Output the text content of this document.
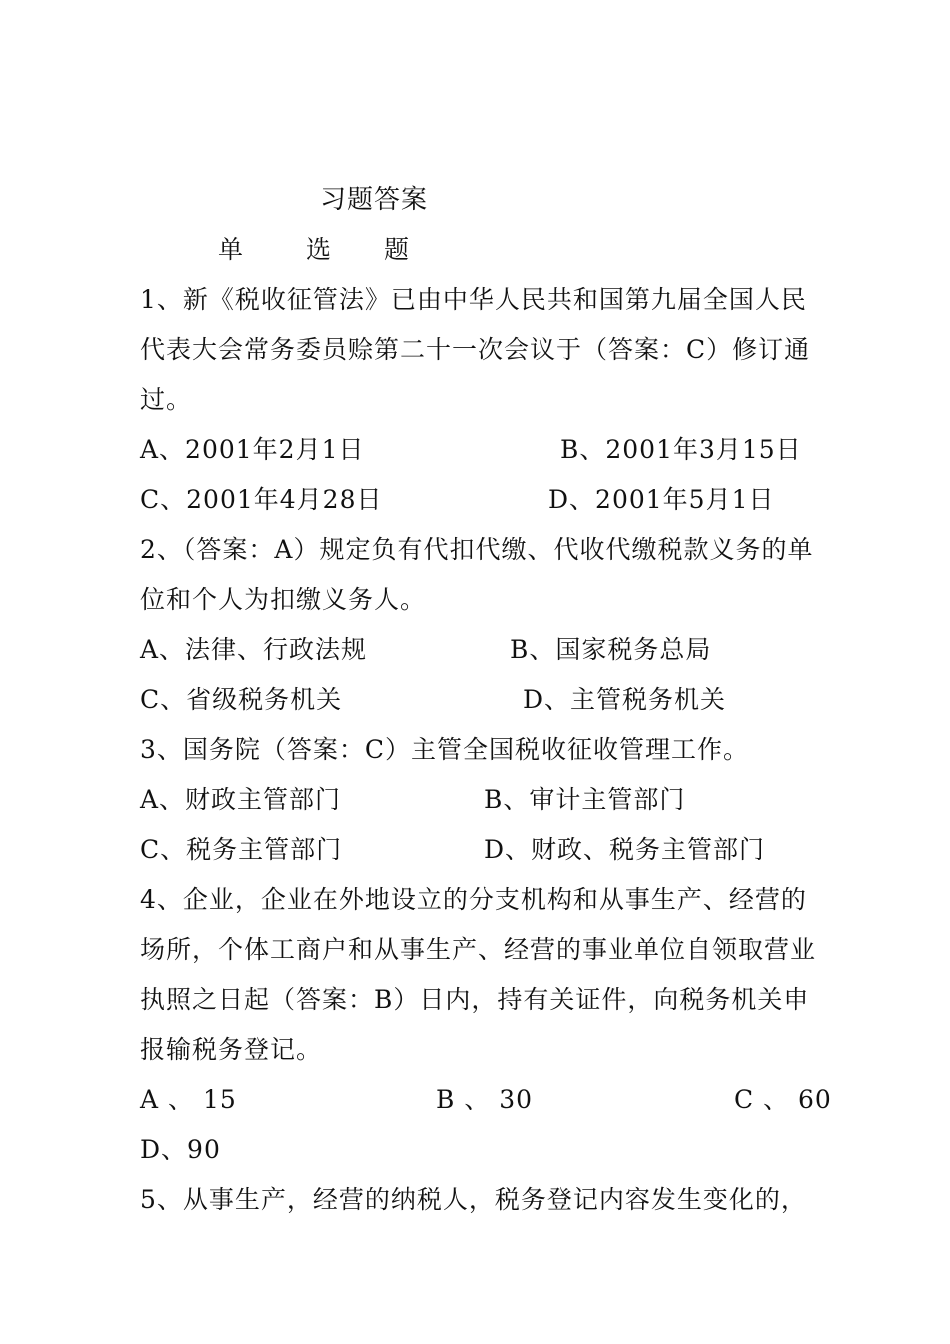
习题答案
单 选 题
1、新《税收征管法》已由中华人民共和国第九届全国人民
代表大会常务委员赊第二十一次会议于（答案：C）修订通
过。
A、2001年2月1日	B、2001年3月15日
C、2001年4月28日	D、2001年5月1日
2、（答案：A）规定负有代扣代缴、代收代缴税款义务的单
位和个人为扣缴义务人。
A、法律、行政法规	B、国家税务总局
C、省级税务机关	D、主管税务机关
3、国务院（答案：C）主管全国税收征收管理工作。
A、财政主管部门	B、审计主管部门
C、税务主管部门	D、财政、税务主管部门
4、企业，企业在外地设立的分支机构和从事生产、经营的
场所，个体工商户和从事生产、经营的事业单位自领取营业
执照之日起（答案：B）日内，持有关证件，向税务机关申
报输税务登记。
A 、 15	B 、 30	C 、 60
D、90
5、从事生产，经营的纳税人，税务登记内容发生变化的，
